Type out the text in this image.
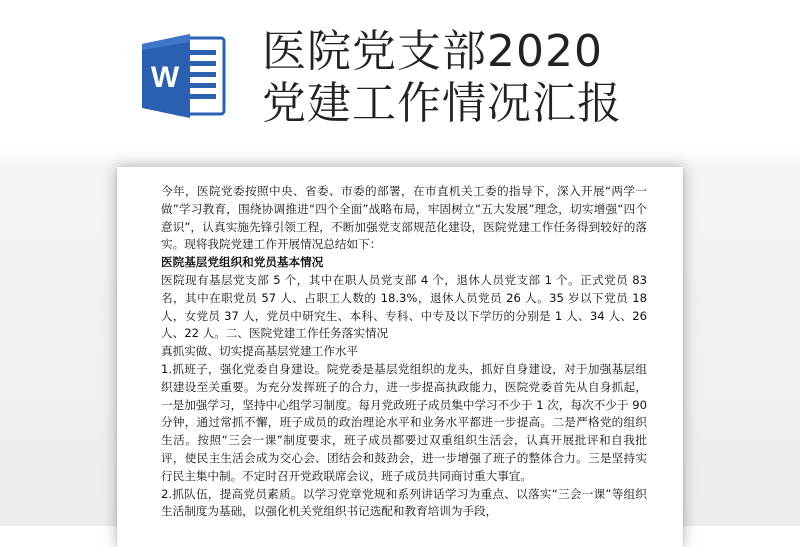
W
医院党支部2020
党建工作情况汇报

今年，医院党委按照中央、省委、市委的部署，在市直机关工委的指导下，深入开展“两学一做”学习教育，围绕协调推进“四个全面”战略布局，牢固树立“五大发展”理念，切实增强“四个意识”，认真实施先锋引领工程，不断加强党支部规范化建设，医院党建工作任务得到较好的落实。现将我院党建工作开展情况总结如下：

医院基层党组织和党员基本情况

医院现有基层党支部 5 个，其中在职人员党支部 4 个，退休人员党支部 1 个。正式党员 83 名，其中在职党员 57 人、占职工人数的 18.3%，退休人员党员 26 人。35 岁以下党员 18 人，女党员 37 人，党员中研究生、本科、专科、中专及以下学历的分别是 1 人、34 人、26 人、22 人。二、医院党建工作任务落实情况

真抓实做、切实提高基层党建工作水平

1.抓班子，强化党委自身建设。院党委是基层党组织的龙头，抓好自身建设，对于加强基层组织建设至关重要。为充分发挥班子的合力，进一步提高执政能力，医院党委首先从自身抓起，一是加强学习，坚持中心组学习制度。每月党政班子成员集中学习不少于 1 次，每次不少于 90 分钟，通过常抓不懈，班子成员的政治理论水平和业务水平都进一步提高。二是严格党的组织生活。按照“三会一课”制度要求，班子成员都要过双重组织生活会，认真开展批评和自我批评，使民主生活会成为交心会、团结会和鼓劲会，进一步增强了班子的整体合力。三是坚持实行民主集中制。不定时召开党政联席会议，班子成员共同商讨重大事宜。

2.抓队伍，提高党员素质。以学习党章党规和系列讲话学习为重点、以落实“三会一课”等组织生活制度为基础，以强化机关党组织书记选配和教育培训为手段，
